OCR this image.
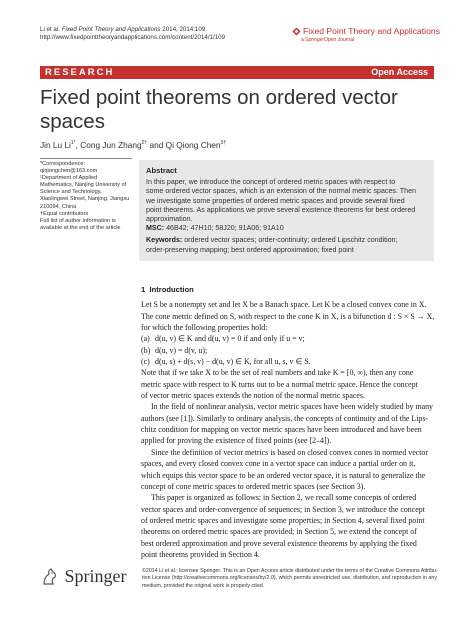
Li et al. Fixed Point Theory and Applications 2014, 2014:109
http://www.fixedpointtheoryandapplications.com/content/2014/1/109
Fixed Point Theory and Applications
a SpringerOpen Journal
RESEARCH	Open Access
Fixed point theorems on ordered vector
spaces
Jin Lu $Li^{1*}$, Cong Jun Zhang$^{2\dagger}$ and Qi Qiong Chen$^{3\dagger}$
*Correspondence:
qiqiongchen@163.com
¹Department of Applied
Mathematics, Nanjing University of
Science and Technology,
Xiaolingwei Street, Nanjing, Jiangsu
210094, China
†Equal contributors
Full list of author information is
available at the end of the article
Abstract
In this paper, we introduce the concept of ordered metric spaces with respect to
some ordered vector spaces, which is an extension of the normal metric spaces. Then
we investigate some properties of ordered metric spaces and provide several fixed
point theorems. As applications we prove several existence theorems for best ordered
approximation.
MSC: 46B42; 47H10; 58J20; 91A06; 91A10
Keywords: ordered vector spaces; order-continuity; ordered Lipschitz condition;
order-preserving mapping; best ordered approximation; fixed point
1 Introduction
Let S be a nonempty set and let X be a Banach space. Let K be a closed convex cone in X.
The cone metric defined on S, with respect to the cone K in X, is a bifunction d : S × S → X,
for which the following properties hold:
(a) d(u, v) ∈ K and d(u, v) = 0 if and only if u = v;
(b) d(u, v) = d(v, u);
(c) d(u, s) + d(s, v) − d(u, v) ∈ K, for all u, s, v ∈ S.
Note that if we take X to be the set of real numbers and take K = [0, ∞), then any cone
metric space with respect to K turns out to be a normal metric space. Hence the concept
of vector metric spaces extends the notion of the normal metric spaces.
In the field of nonlinear analysis, vector metric spaces have been widely studied by many
authors (see [1]). Similarly to ordinary analysis, the concepts of continuity and of the Lips-
chitz condition for mapping on vector metric spaces have been introduced and have been
applied for proving the existence of fixed points (see [2–4]).
Since the definition of vector metrics is based on closed convex cones in normed vector
spaces, and every closed convex cone in a vector space can induce a partial order on it,
which equips this vector space to be an ordered vector space, it is natural to generalize the
concept of cone metric spaces to ordered metric spaces (see Section 3).
This paper is organized as follows: in Section 2, we recall some concepts of ordered
vector spaces and order-convergence of sequences; in Section 3, we introduce the concept
of ordered metric spaces and investigate some properties; in Section 4, several fixed point
theorems on ordered metric spaces are provided; in Section 5, we extend the concept of
best ordered approximation and prove several existence theorems by applying the fixed
point theorems provided in Section 4.
Springer	©2014 Li et al.; licensee Springer. This is an Open Access article distributed under the terms of the Creative Commons Attribu-
tion License (http://creativecommons.org/licenses/by/2.0), which permits unrestricted use, distribution, and reproduction in any
medium, provided the original work is properly cited.
